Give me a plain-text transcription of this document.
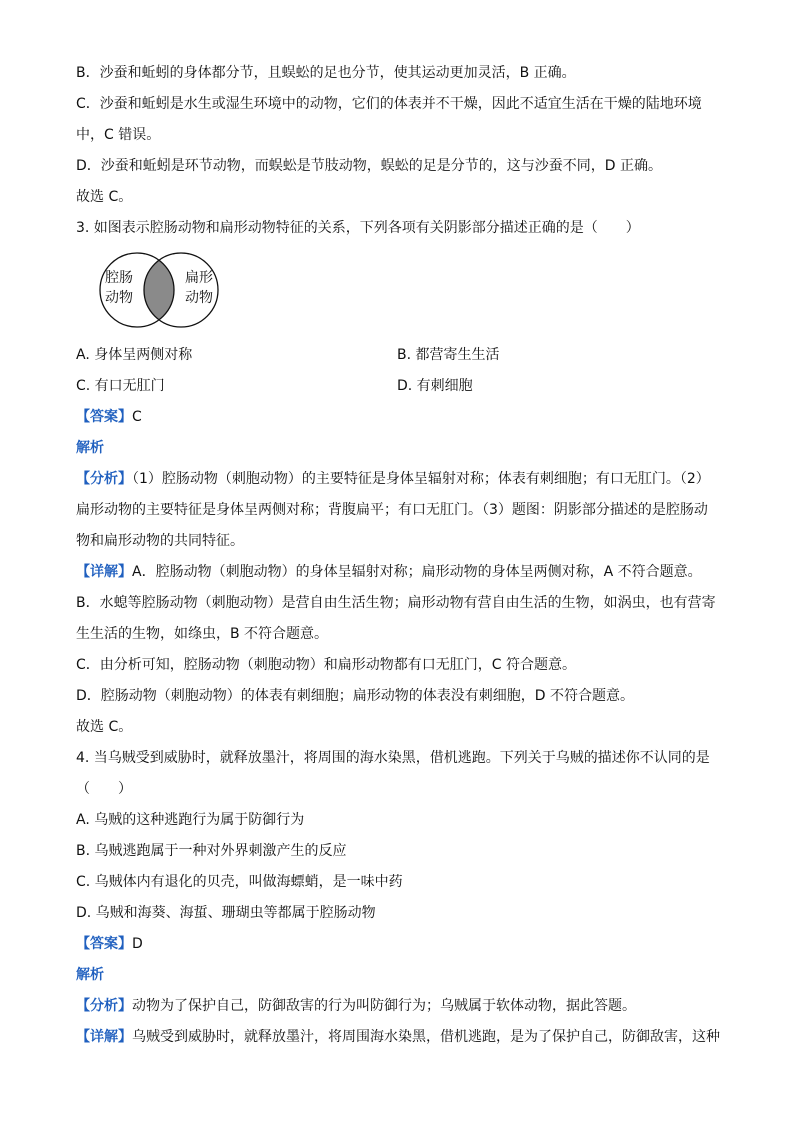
B．沙蚕和蚯蚓的身体都分节，且蜈蚣的足也分节，使其运动更加灵活，B 正确。

C．沙蚕和蚯蚓是水生或湿生环境中的动物，它们的体表并不干燥，因此不适宜生活在干燥的陆地环境

中，C 错误。

D．沙蚕和蚯蚓是环节动物，而蜈蚣是节肢动物，蜈蚣的足是分节的，这与沙蚕不同，D 正确。

故选 C。

3. 如图表示腔肠动物和扁形动物特征的关系，下列各项有关阴影部分描述正确的是（　　）

腔肠
动物
扁形
动物

A. 身体呈两侧对称	B. 都营寄生生活

C. 有口无肛门	D. 有刺细胞

【答案】C

解析

【分析】（1）腔肠动物（刺胞动物）的主要特征是身体呈辐射对称；体表有刺细胞；有口无肛门。（2）

扁形动物的主要特征是身体呈两侧对称；背腹扁平；有口无肛门。（3）题图：阴影部分描述的是腔肠动

物和扁形动物的共同特征。

【详解】A．腔肠动物（刺胞动物）的身体呈辐射对称；扁形动物的身体呈两侧对称，A 不符合题意。

B．水螅等腔肠动物（刺胞动物）是营自由生活生物；扁形动物有营自由生活的生物，如涡虫，也有营寄

生生活的生物，如绦虫，B 不符合题意。

C．由分析可知，腔肠动物（刺胞动物）和扁形动物都有口无肛门，C 符合题意。

D．腔肠动物（刺胞动物）的体表有刺细胞；扁形动物的体表没有刺细胞，D 不符合题意。

故选 C。

4. 当乌贼受到威胁时，就释放墨汁，将周围的海水染黑，借机逃跑。下列关于乌贼的描述你不认同的是

（　　）

A. 乌贼的这种逃跑行为属于防御行为

B. 乌贼逃跑属于一种对外界刺激产生的反应

C. 乌贼体内有退化的贝壳，叫做海螵蛸，是一味中药

D. 乌贼和海葵、海蜇、珊瑚虫等都属于腔肠动物

【答案】D

解析

【分析】动物为了保护自己，防御敌害的行为叫防御行为；乌贼属于软体动物，据此答题。

【详解】乌贼受到威胁时，就释放墨汁，将周围海水染黑，借机逃跑，是为了保护自己，防御敌害，这种
